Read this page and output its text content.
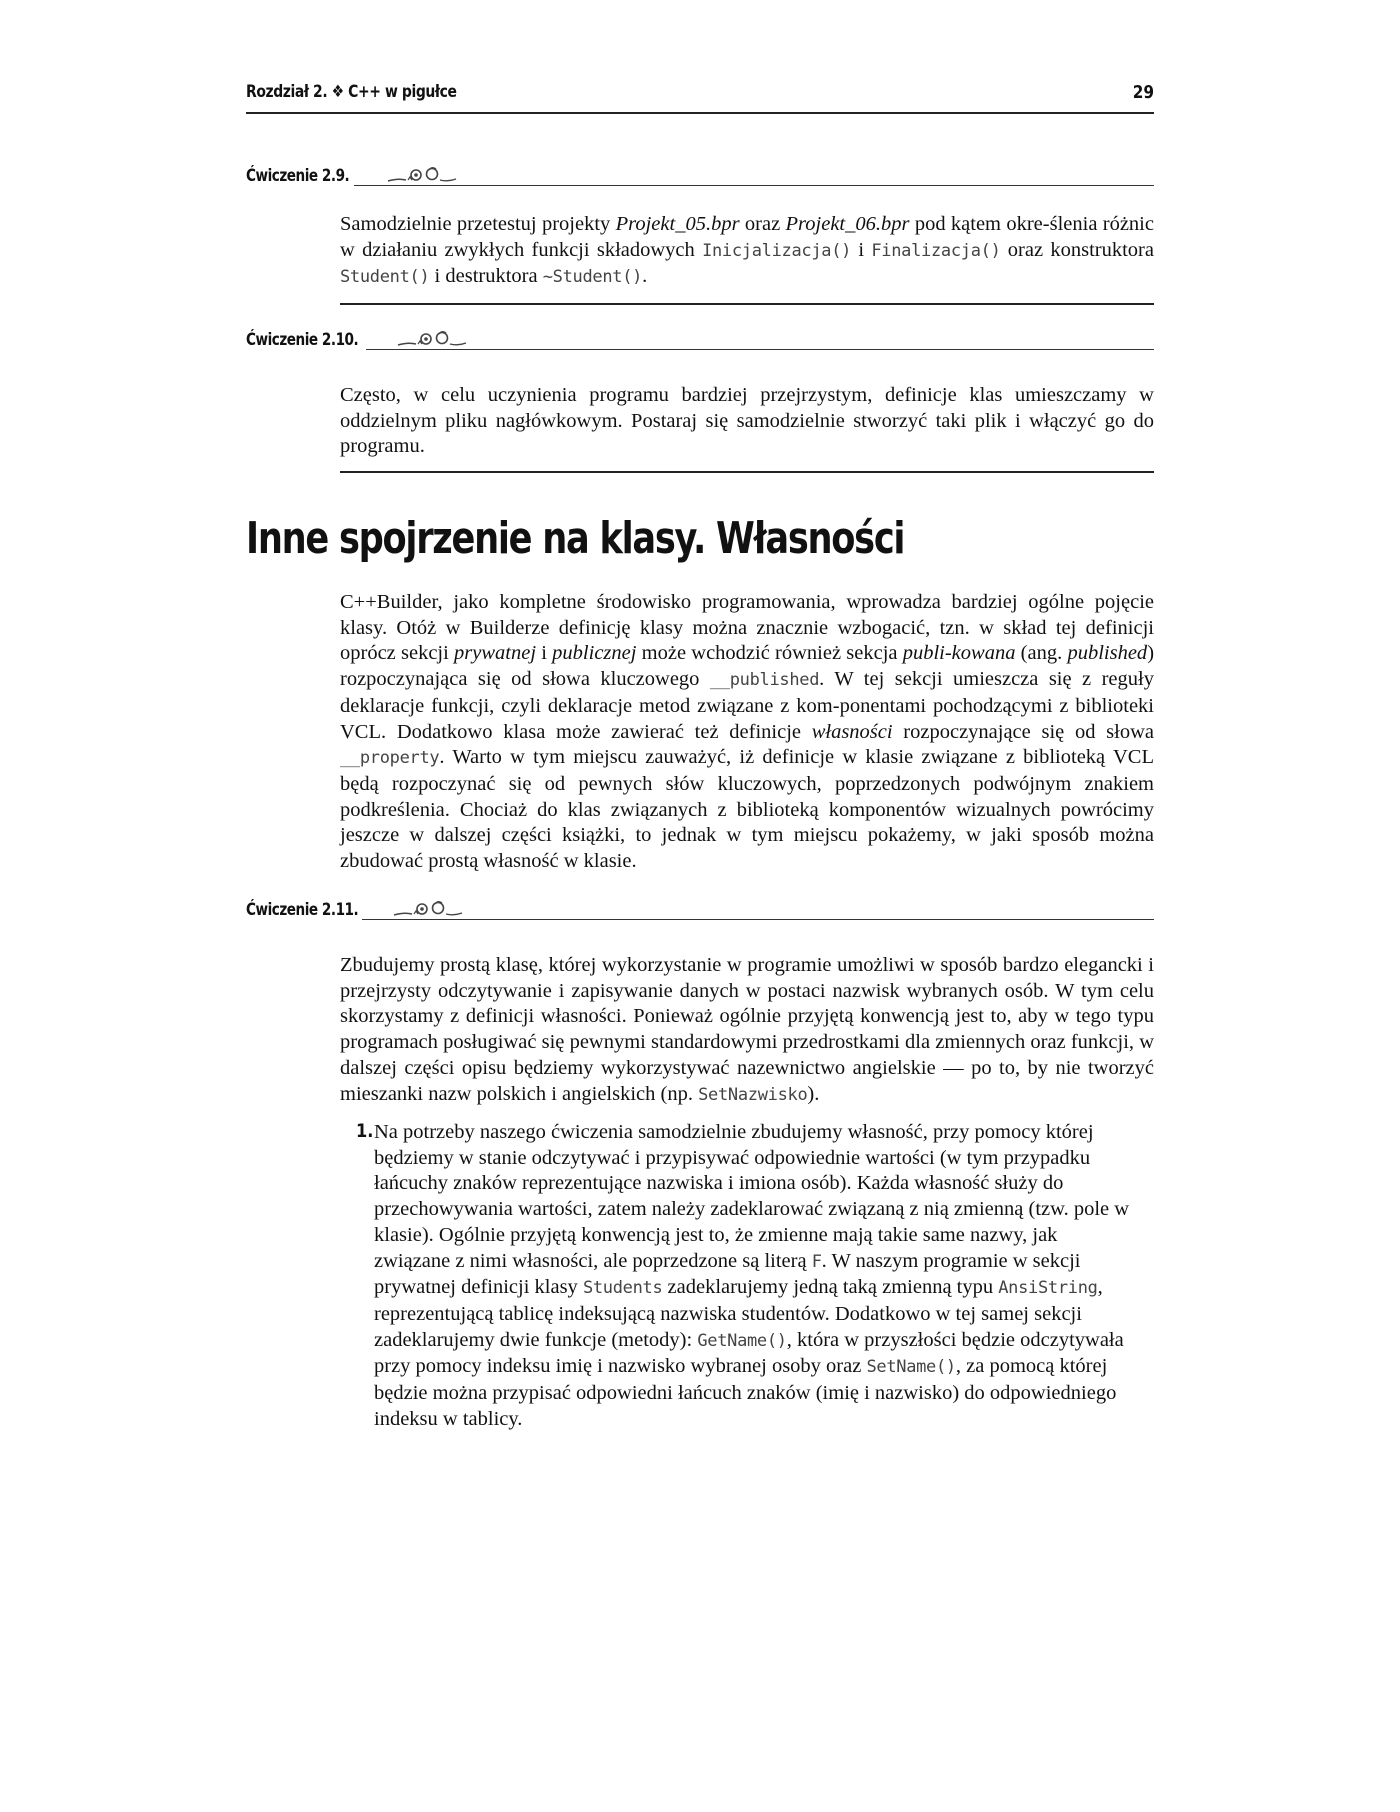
Rozdział 2. ❖ C++ w pigułce	29
Ćwiczenie 2.9.

Samodzielnie przetestuj projekty Projekt_05.bpr oraz Projekt_06.bpr pod kątem okre-ślenia różnic w działaniu zwykłych funkcji składowych Inicjalizacja() i Finalizacja() oraz konstruktora Student() i destruktora ~Student().

Ćwiczenie 2.10.

Często, w celu uczynienia programu bardziej przejrzystym, definicje klas umieszczamy w oddzielnym pliku nagłówkowym. Postaraj się samodzielnie stworzyć taki plik i włączyć go do programu.

Inne spojrzenie na klasy. Własności

C++Builder, jako kompletne środowisko programowania, wprowadza bardziej ogólne pojęcie klasy. Otóż w Builderze definicję klasy można znacznie wzbogacić, tzn. w skład tej definicji oprócz sekcji prywatnej i publicznej może wchodzić również sekcja publi-kowana (ang. published) rozpoczynająca się od słowa kluczowego __published. W tej sekcji umieszcza się z reguły deklaracje funkcji, czyli deklaracje metod związane z kom-ponentami pochodzącymi z biblioteki VCL. Dodatkowo klasa może zawierać też definicje własności rozpoczynające się od słowa __property. Warto w tym miejscu zauważyć, iż definicje w klasie związane z biblioteką VCL będą rozpoczynać się od pewnych słów kluczowych, poprzedzonych podwójnym znakiem podkreślenia. Chociaż do klas związanych z biblioteką komponentów wizualnych powrócimy jeszcze w dalszej części książki, to jednak w tym miejscu pokażemy, w jaki sposób można zbudować prostą własność w klasie.

Ćwiczenie 2.11.

Zbudujemy prostą klasę, której wykorzystanie w programie umożliwi w sposób bardzo elegancki i przejrzysty odczytywanie i zapisywanie danych w postaci nazwisk wybranych osób. W tym celu skorzystamy z definicji własności. Ponieważ ogólnie przyjętą konwencją jest to, aby w tego typu programach posługiwać się pewnymi standardowymi przedrostkami dla zmiennych oraz funkcji, w dalszej części opisu będziemy wykorzystywać nazewnictwo angielskie — po to, by nie tworzyć mieszanki nazw polskich i angielskich (np. SetNazwisko).

1. Na potrzeby naszego ćwiczenia samodzielnie zbudujemy własność, przy pomocy której będziemy w stanie odczytywać i przypisywać odpowiednie wartości (w tym przypadku łańcuchy znaków reprezentujące nazwiska i imiona osób). Każda własność służy do przechowywania wartości, zatem należy zadeklarować związaną z nią zmienną (tzw. pole w klasie). Ogólnie przyjętą konwencją jest to, że zmienne mają takie same nazwy, jak związane z nimi własności, ale poprzedzone są literą F. W naszym programie w sekcji prywatnej definicji klasy Students zadeklarujemy jedną taką zmienną typu AnsiString, reprezentującą tablicę indeksującą nazwiska studentów. Dodatkowo w tej samej sekcji zadeklarujemy dwie funkcje (metody): GetName(), która w przyszłości będzie odczytywała przy pomocy indeksu imię i nazwisko wybranej osoby oraz SetName(), za pomocą której będzie można przypisać odpowiedni łańcuch znaków (imię i nazwisko) do odpowiedniego indeksu w tablicy.
